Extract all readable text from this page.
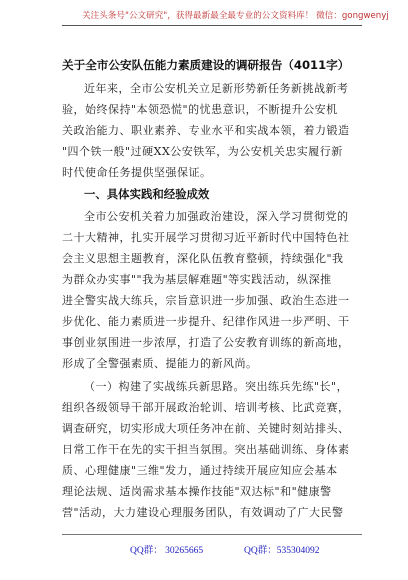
关注头条号"公文研究"，获得最新最全最专业的公文资料库！ 微信：gongwenyj
关于全市公安队伍能力素质建设的调研报告（4011字）
近年来，全市公安机关立足新形势新任务新挑战新考
验，始终保持"本领恐慌"的忧患意识，不断提升公安机
关政治能力、职业素养、专业水平和实战本领，着力锻造
"四个铁一般"过硬XX公安铁军，为公安机关忠实履行新
时代使命任务提供坚强保证。
一、具体实践和经验成效
全市公安机关着力加强政治建设，深入学习贯彻党的
二十大精神，扎实开展学习贯彻习近平新时代中国特色社
会主义思想主题教育，深化队伍教育整顿，持续强化"我
为群众办实事""我为基层解难题"等实践活动，纵深推
进全警实战大练兵，宗旨意识进一步加强、政治生态进一
步优化、能力素质进一步提升、纪律作风进一步严明、干
事创业氛围进一步浓厚，打造了公安教育训练的新高地，
形成了全警强素质、提能力的新风尚。
（一）构建了实战练兵新思路。突出练兵先练"长"，
组织各级领导干部开展政治轮训、培训考核、比武竞赛，
调查研究，切实形成大项任务冲在前、关键时刻站排头、
日常工作干在先的实干担当氛围。突出基础训练、身体素
质、心理健康"三维"发力，通过持续开展应知应会基本
理论法规、适岗需求基本操作技能"双达标"和"健康警
营"活动，大力建设心理服务团队，有效调动了广大民警
QQ群： 30265665	QQ群：535304092
